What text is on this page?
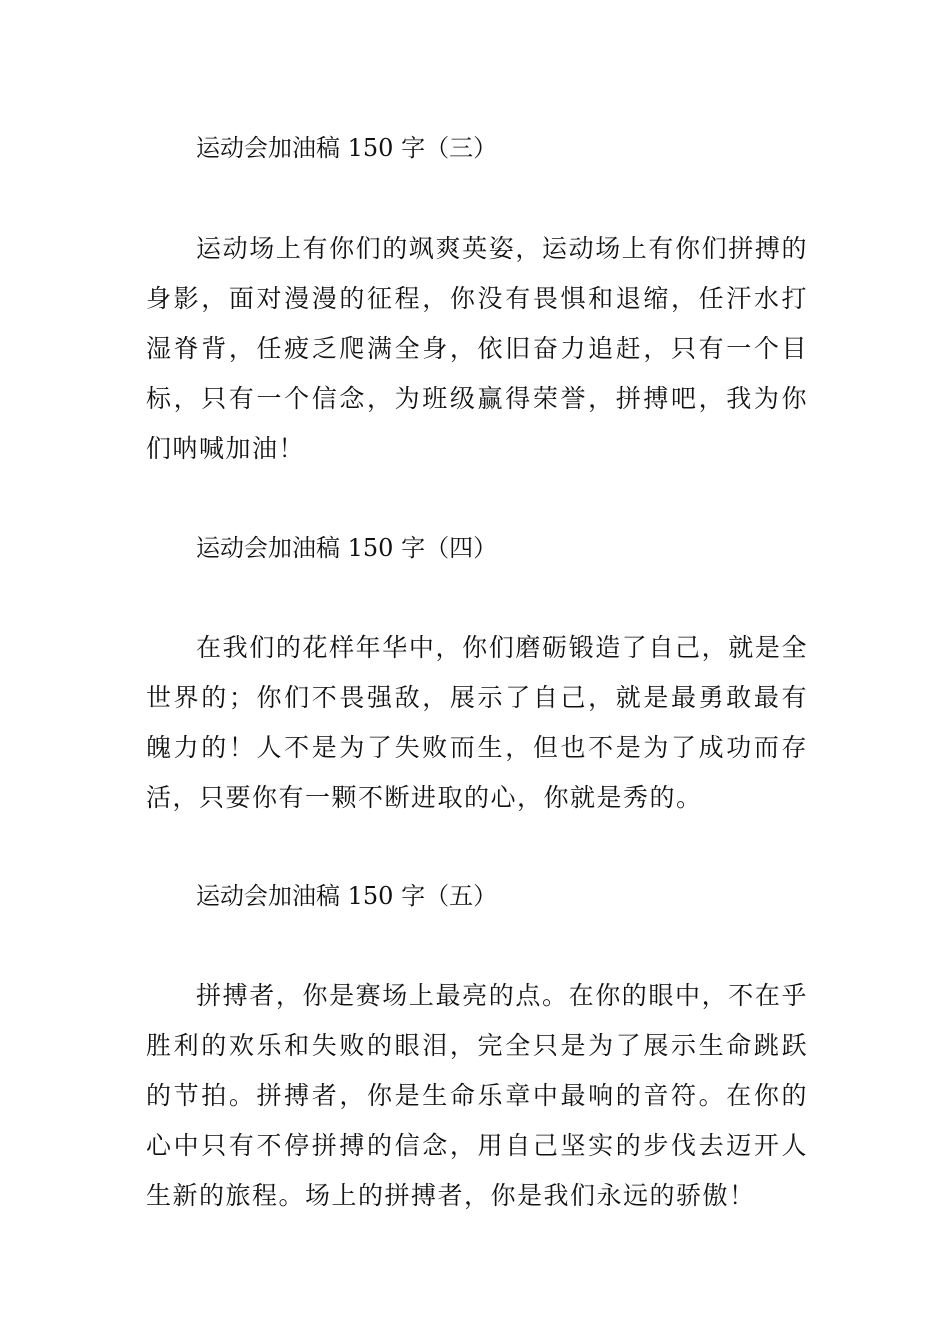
运动会加油稿 150 字（三）

运动场上有你们的飒爽英姿，运动场上有你们拼搏的身影，面对漫漫的征程，你没有畏惧和退缩，任汗水打湿脊背，任疲乏爬满全身，依旧奋力追赶，只有一个目标，只有一个信念，为班级赢得荣誉，拼搏吧，我为你们呐喊加油！

运动会加油稿 150 字（四）

在我们的花样年华中，你们磨砺锻造了自己，就是全世界的；你们不畏强敌，展示了自己，就是最勇敢最有魄力的！人不是为了失败而生，但也不是为了成功而存活，只要你有一颗不断进取的心，你就是秀的。

运动会加油稿 150 字（五）

拼搏者，你是赛场上最亮的点。在你的眼中，不在乎胜利的欢乐和失败的眼泪，完全只是为了展示生命跳跃的节拍。拼搏者，你是生命乐章中最响的音符。在你的心中只有不停拼搏的信念，用自己坚实的步伐去迈开人生新的旅程。场上的拼搏者，你是我们永远的骄傲！
